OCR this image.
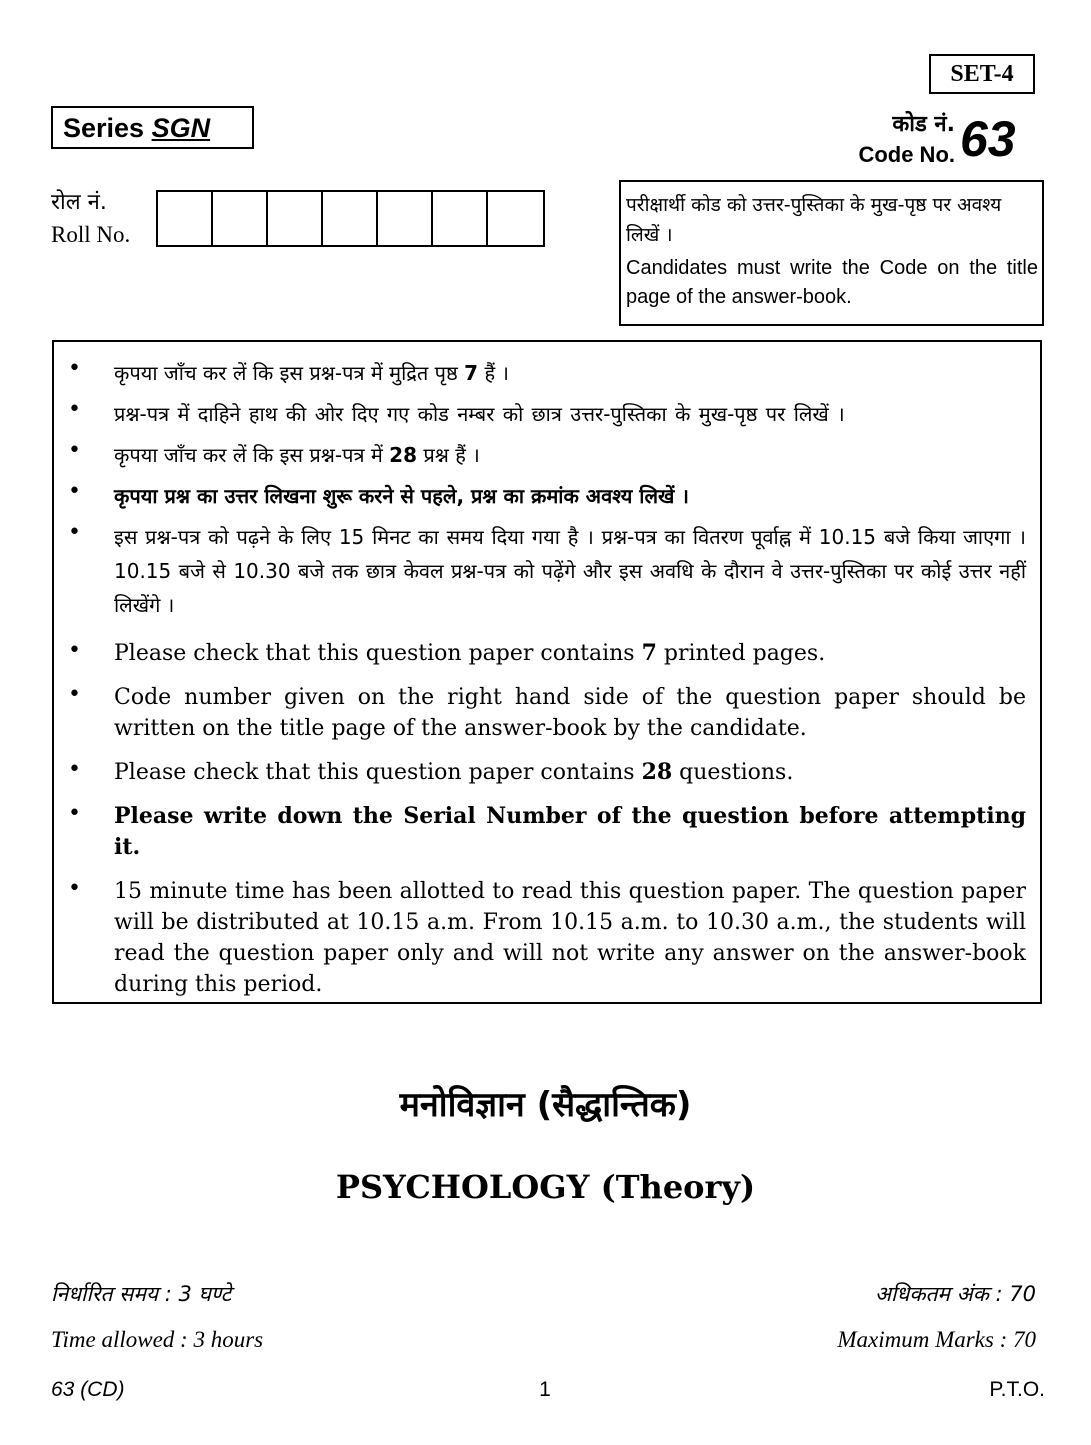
SET-4
Series SGN	कोड नं.
Code No. 63
रोल नं.
Roll No.
परीक्षार्थी कोड को उत्तर-पुस्तिका के मुख-पृष्ठ पर अवश्य लिखें ।
Candidates must write the Code on the title page of the answer-book.
• कृपया जाँच कर लें कि इस प्रश्न-पत्र में मुद्रित पृष्ठ 7 हैं ।
• प्रश्न-पत्र में दाहिने हाथ की ओर दिए गए कोड नम्बर को छात्र उत्तर-पुस्तिका के मुख-पृष्ठ पर लिखें ।
• कृपया जाँच कर लें कि इस प्रश्न-पत्र में 28 प्रश्न हैं ।
• कृपया प्रश्न का उत्तर लिखना शुरू करने से पहले, प्रश्न का क्रमांक अवश्य लिखें ।
• इस प्रश्न-पत्र को पढ़ने के लिए 15 मिनट का समय दिया गया है । प्रश्न-पत्र का वितरण पूर्वाह्न में 10.15 बजे किया जाएगा । 10.15 बजे से 10.30 बजे तक छात्र केवल प्रश्न-पत्र को पढ़ेंगे और इस अवधि के दौरान वे उत्तर-पुस्तिका पर कोई उत्तर नहीं लिखेंगे ।
• Please check that this question paper contains 7 printed pages.
• Code number given on the right hand side of the question paper should be written on the title page of the answer-book by the candidate.
• Please check that this question paper contains 28 questions.
• Please write down the Serial Number of the question before attempting it.
• 15 minute time has been allotted to read this question paper. The question paper will be distributed at 10.15 a.m. From 10.15 a.m. to 10.30 a.m., the students will read the question paper only and will not write any answer on the answer-book during this period.
मनोविज्ञान (सैद्धान्तिक)
PSYCHOLOGY (Theory)
निर्धारित समय : 3 घण्टे
Time allowed : 3 hours
अधिकतम अंक : 70
Maximum Marks : 70
63 (CD)	1	P.T.O.
